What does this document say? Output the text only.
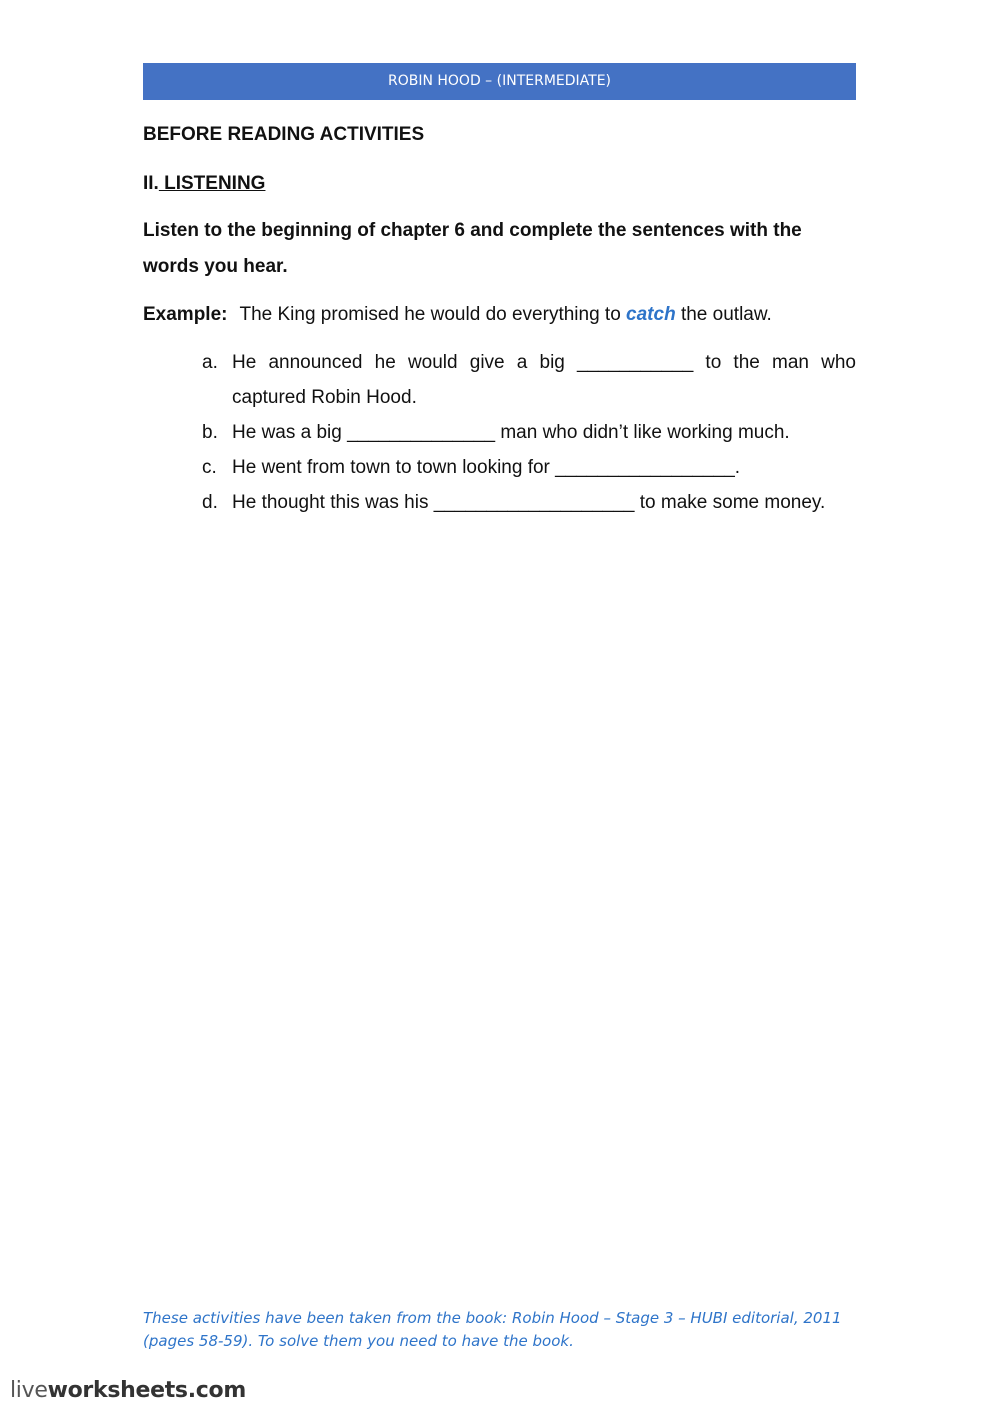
ROBIN HOOD – (INTERMEDIATE)
BEFORE READING ACTIVITIES
II. LISTENING
Listen to the beginning of chapter 6 and complete the sentences with the words you hear.
Example: The King promised he would do everything to catch the outlaw.
a. He announced he would give a big ___________ to the man who captured Robin Hood.
b. He was a big ______________ man who didn’t like working much.
c. He went from town to town looking for _________________.
d. He thought this was his ___________________ to make some money.
These activities have been taken from the book: Robin Hood – Stage 3 – HUBI editorial, 2011 (pages 58-59). To solve them you need to have the book.
liveworksheets.com
